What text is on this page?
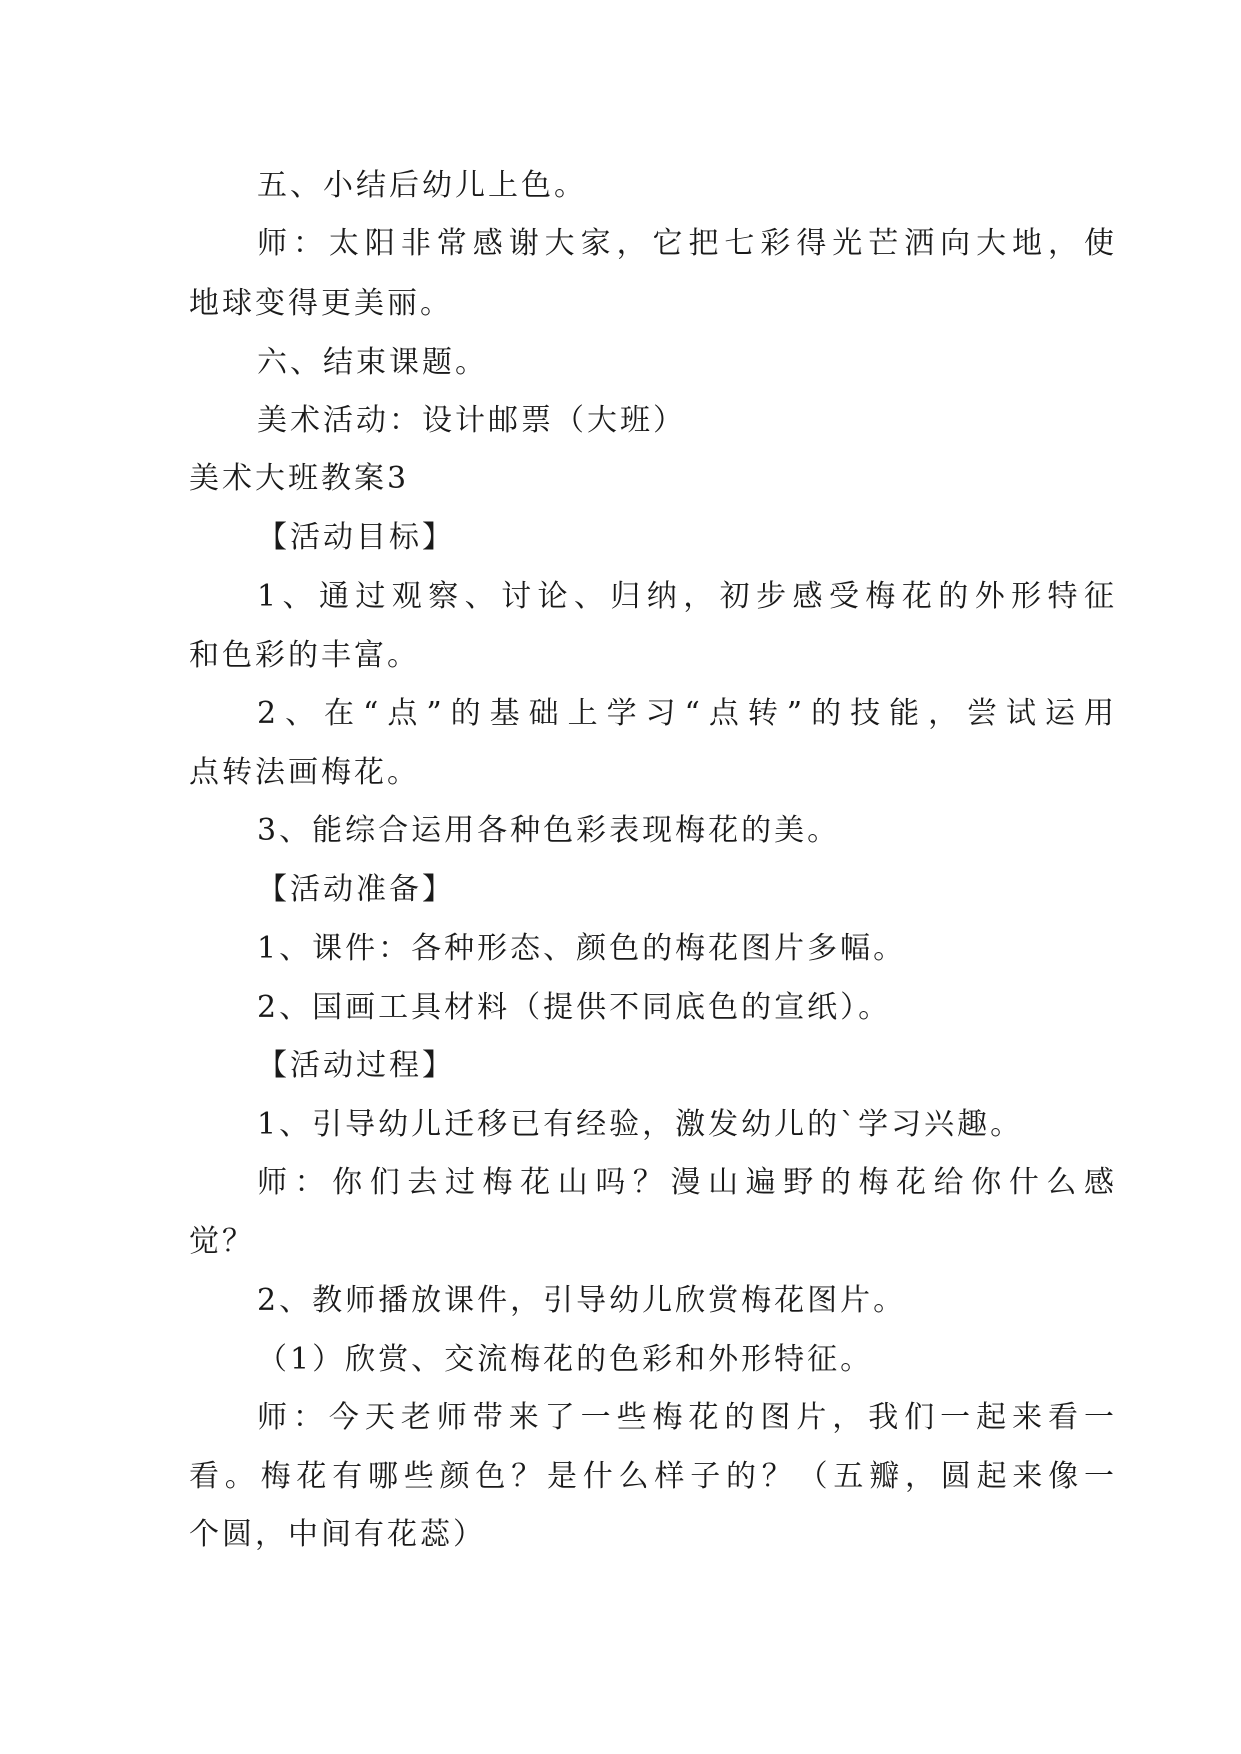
五、小结后幼儿上色。
师：太阳非常感谢大家，它把七彩得光芒洒向大地，使
地球变得更美丽。
六、结束课题。
美术活动：设计邮票（大班）
美术大班教案3
【活动目标】
1、通过观察、讨论、归纳，初步感受梅花的外形特征
和色彩的丰富。
2、在“点”的基础上学习“点转”的技能，尝试运用
点转法画梅花。
3、能综合运用各种色彩表现梅花的美。
【活动准备】
1、课件：各种形态、颜色的梅花图片多幅。
2、国画工具材料（提供不同底色的宣纸）。
【活动过程】
1、引导幼儿迁移已有经验，激发幼儿的`学习兴趣。
师：你们去过梅花山吗？漫山遍野的梅花给你什么感
觉？
2、教师播放课件，引导幼儿欣赏梅花图片。
（1）欣赏、交流梅花的色彩和外形特征。
师：今天老师带来了一些梅花的图片，我们一起来看一
看。梅花有哪些颜色？是什么样子的？（五瓣，圆起来像一
个圆，中间有花蕊）
